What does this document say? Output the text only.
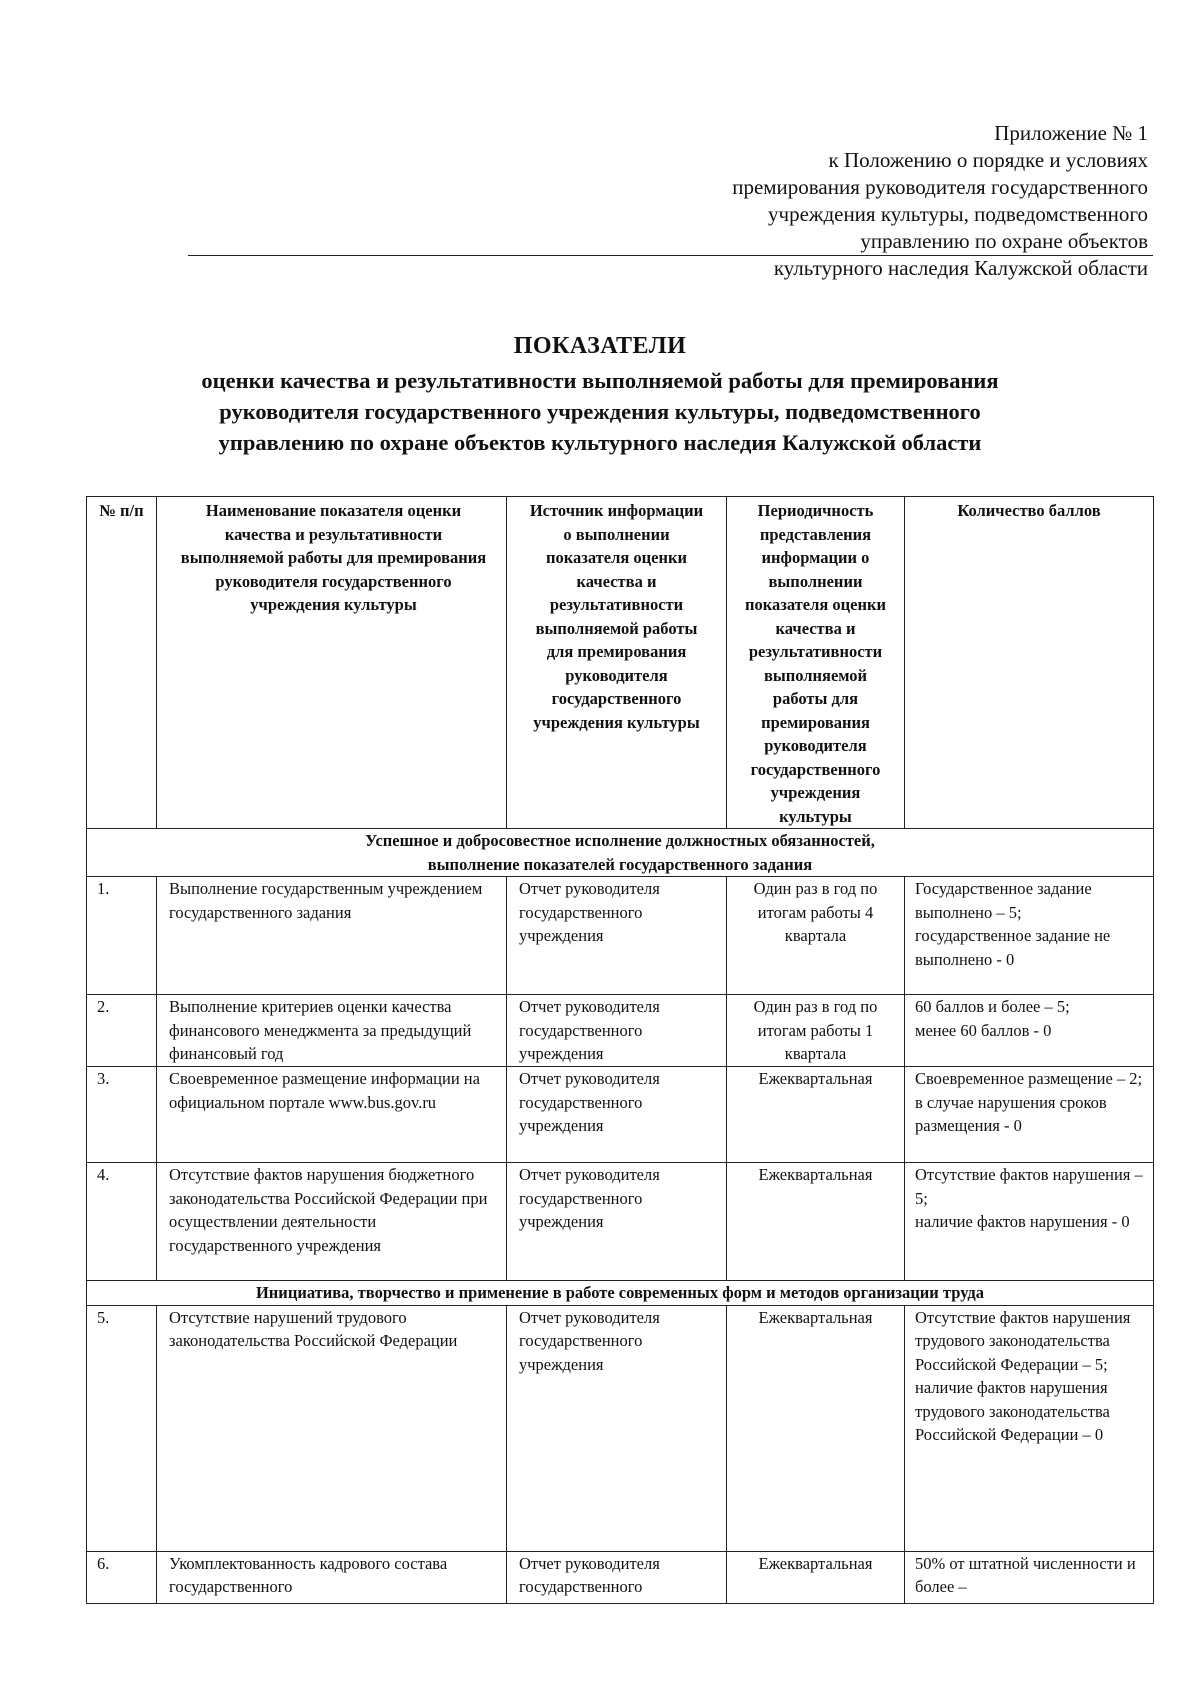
Приложение № 1
к Положению о порядке и условиях
премирования руководителя государственного
учреждения культуры, подведомственного
управлению по охране объектов
культурного наследия Калужской области
ПОКАЗАТЕЛИ
оценки качества и результативности выполняемой работы для премирования
руководителя государственного учреждения культуры, подведомственного
управлению по охране объектов культурного наследия Калужской области
№ п/п	Наименование показателя оценки качества и результативности выполняемой работы для премирования руководителя государственного учреждения культуры	Источник информации о выполнении показателя оценки качества и результативности выполняемой работы для премирования руководителя государственного учреждения культуры	Периодичность представления информации о выполнении показателя оценки качества и результативности выполняемой работы для премирования руководителя государственного учреждения культуры	Количество баллов

Успешное и добросовестное исполнение должностных обязанностей,
выполнение показателей государственного задания				

1.	Выполнение государственным учреждением государственного задания	Отчет руководителя государственного учреждения	Один раз в год по итогам работы 4 квартала	Государственное задание выполнено – 5;
государственное задание не выполнено - 0

2.	Выполнение критериев оценки качества финансового менеджмента за предыдущий финансовый год	Отчет руководителя государственного учреждения	Один раз в год по итогам работы 1 квартала	60 баллов и более – 5;
менее 60 баллов - 0

3.	Своевременное размещение информации на официальном портале www.bus.gov.ru	Отчет руководителя государственного учреждения	Ежеквартальная	Своевременное размещение – 2;
в случае нарушения сроков размещения - 0

4.	Отсутствие фактов нарушения бюджетного законодательства Российской Федерации при осуществлении деятельности государственного учреждения	Отчет руководителя государственного учреждения	Ежеквартальная	Отсутствие фактов нарушения – 5;
наличие фактов нарушения - 0

Инициатива, творчество и применение в работе современных форм и методов организации труда				
5.	Отсутствие нарушений трудового законодательства Российской Федерации	Отчет руководителя государственного учреждения	Ежеквартальная	Отсутствие фактов нарушения трудового законодательства Российской Федерации – 5;
наличие фактов нарушения трудового законодательства Российской Федерации – 0

6.	Укомплектованность кадрового состава государственного	Отчет руководителя государственного	Ежеквартальная	50% от штатной численности и более –
